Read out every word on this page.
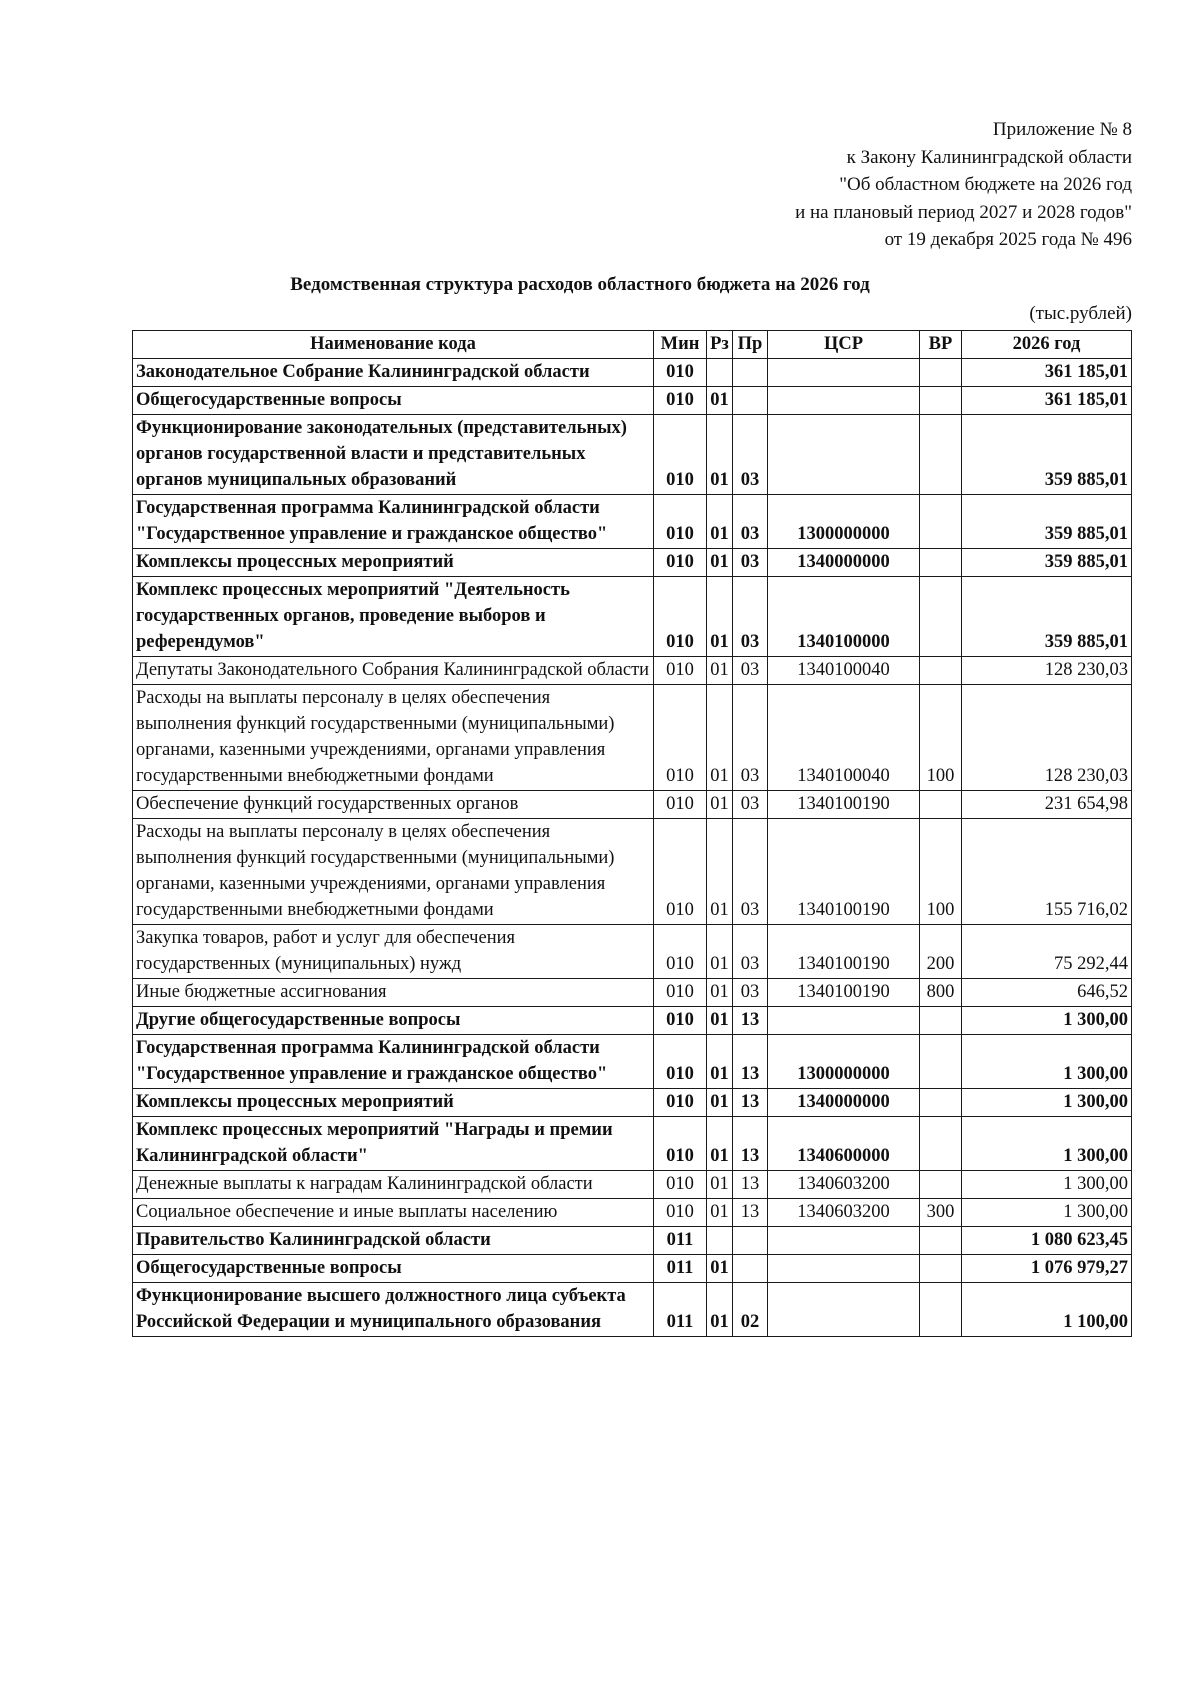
Приложение № 8
к Закону Калининградской области
"Об областном бюджете на 2026 год
и на плановый период 2027 и 2028 годов"
от 19 декабря 2025 года № 496
Ведомственная структура расходов областного бюджета на 2026 год
(тыс.рублей)
Наименование кода	Мин	Рз	Пр	ЦСР	ВР	2026 год
Законодательное Собрание Калининградской области	010					361 185,01
Общегосударственные вопросы	010	01				361 185,01
Функционирование законодательных (представительных) органов государственной власти и представительных органов муниципальных образований	010	01	03			359 885,01
Государственная программа Калининградской области "Государственное управление и гражданское общество"	010	01	03	1300000000		359 885,01
Комплексы процессных мероприятий	010	01	03	1340000000		359 885,01
Комплекс процессных мероприятий "Деятельность государственных органов, проведение выборов и референдумов"	010	01	03	1340100000		359 885,01
Депутаты Законодательного Собрания Калининградской области	010	01	03	1340100040		128 230,03
Расходы на выплаты персоналу в целях обеспечения выполнения функций государственными (муниципальными) органами, казенными учреждениями, органами управления государственными внебюджетными фондами	010	01	03	1340100040	100	128 230,03
Обеспечение функций государственных органов	010	01	03	1340100190		231 654,98
Расходы на выплаты персоналу в целях обеспечения выполнения функций государственными (муниципальными) органами, казенными учреждениями, органами управления государственными внебюджетными фондами	010	01	03	1340100190	100	155 716,02
Закупка товаров, работ и услуг для обеспечения государственных (муниципальных) нужд	010	01	03	1340100190	200	75 292,44
Иные бюджетные ассигнования	010	01	03	1340100190	800	646,52
Другие общегосударственные вопросы	010	01	13			1 300,00
Государственная программа Калининградской области "Государственное управление и гражданское общество"	010	01	13	1300000000		1 300,00
Комплексы процессных мероприятий	010	01	13	1340000000		1 300,00
Комплекс процессных мероприятий "Награды и премии Калининградской области"	010	01	13	1340600000		1 300,00
Денежные выплаты к наградам Калининградской области	010	01	13	1340603200		1 300,00
Социальное обеспечение и иные выплаты населению	010	01	13	1340603200	300	1 300,00
Правительство Калининградской области	011					1 080 623,45
Общегосударственные вопросы	011	01				1 076 979,27
Функционирование высшего должностного лица субъекта Российской Федерации и муниципального образования	011	01	02			1 100,00
